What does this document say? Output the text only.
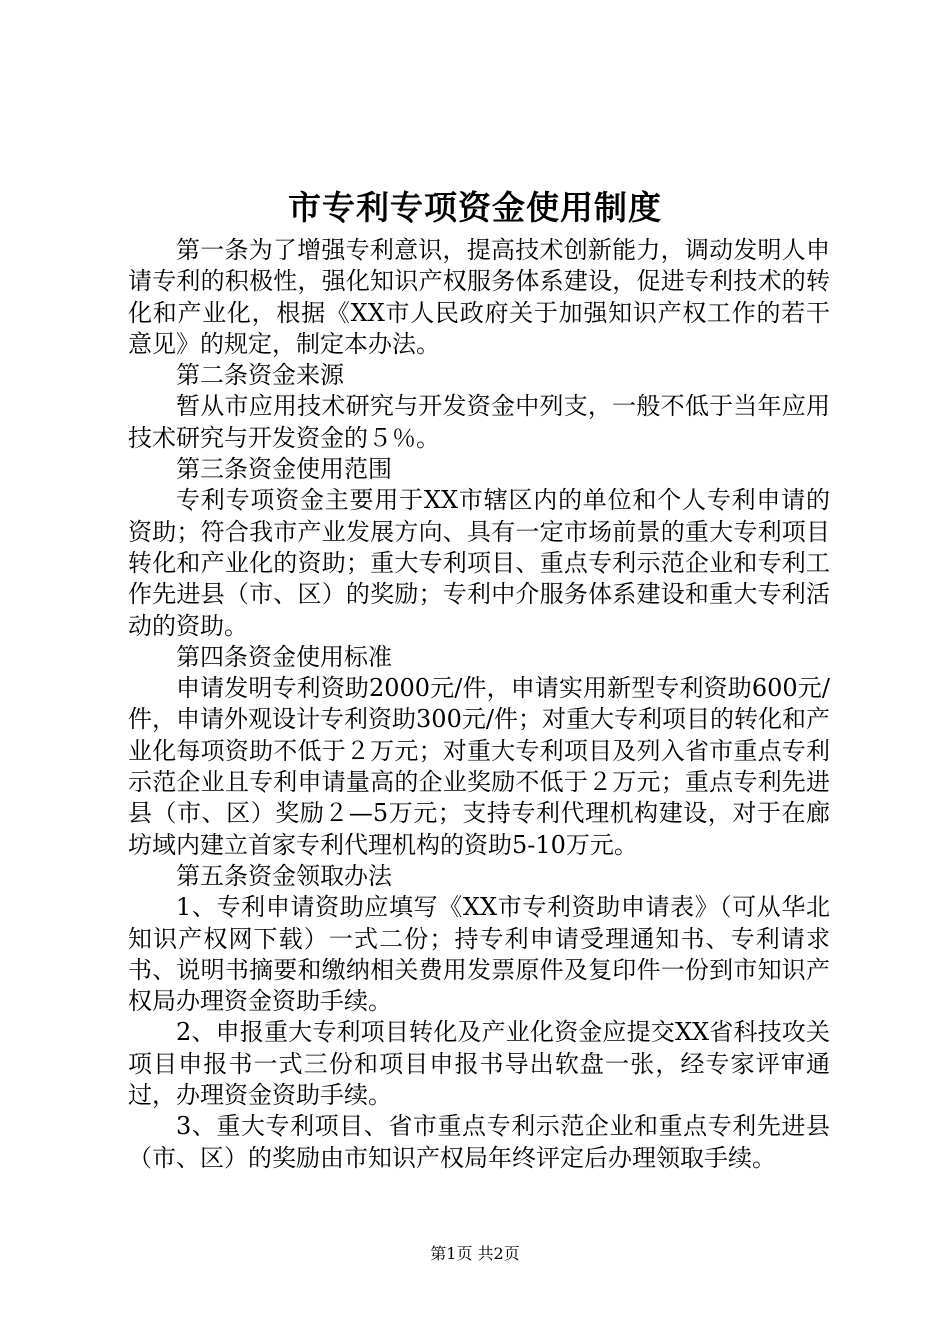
市专利专项资金使用制度

第一条为了增强专利意识，提高技术创新能力，调动发明人申请专利的积极性，强化知识产权服务体系建设，促进专利技术的转化和产业化，根据《XX市人民政府关于加强知识产权工作的若干意见》的规定，制定本办法。

第二条资金来源

暂从市应用技术研究与开发资金中列支，一般不低于当年应用技术研究与开发资金的５％。

第三条资金使用范围

专利专项资金主要用于XX市辖区内的单位和个人专利申请的资助；符合我市产业发展方向、具有一定市场前景的重大专利项目转化和产业化的资助；重大专利项目、重点专利示范企业和专利工作先进县（市、区）的奖励；专利中介服务体系建设和重大专利活动的资助。

第四条资金使用标准

申请发明专利资助2000元/件，申请实用新型专利资助600元/件，申请外观设计专利资助300元/件；对重大专利项目的转化和产业化每项资助不低于２万元；对重大专利项目及列入省市重点专利示范企业且专利申请量高的企业奖励不低于２万元；重点专利先进县（市、区）奖励２—5万元；支持专利代理机构建设，对于在廊坊域内建立首家专利代理机构的资助5-10万元。

第五条资金领取办法

1、专利申请资助应填写《XX市专利资助申请表》（可从华北知识产权网下载）一式二份；持专利申请受理通知书、专利请求书、说明书摘要和缴纳相关费用发票原件及复印件一份到市知识产权局办理资金资助手续。

2、申报重大专利项目转化及产业化资金应提交XX省科技攻关项目申报书一式三份和项目申报书导出软盘一张，经专家评审通过，办理资金资助手续。

3、重大专利项目、省市重点专利示范企业和重点专利先进县（市、区）的奖励由市知识产权局年终评定后办理领取手续。

第1页 共2页
